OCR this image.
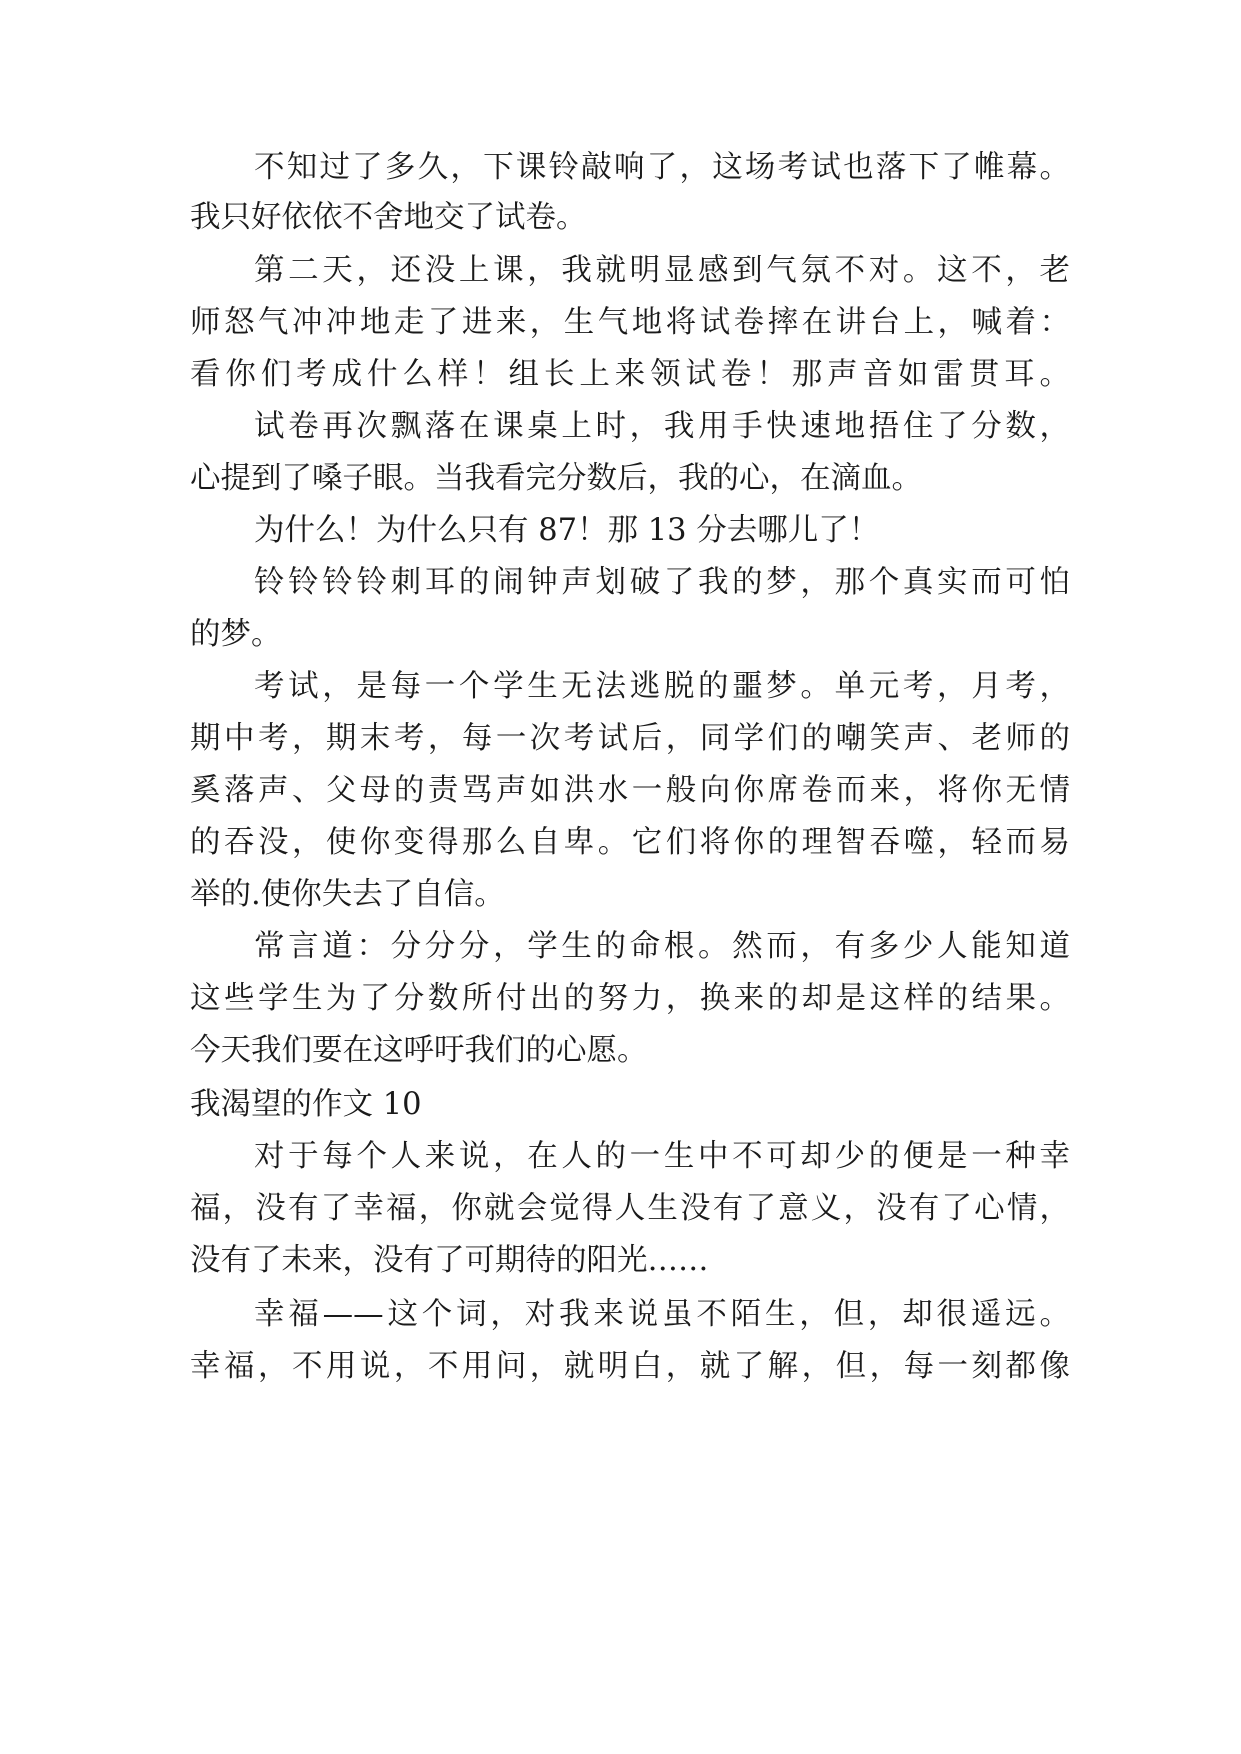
不知过了多久，下课铃敲响了，这场考试也落下了帷幕。
我只好依依不舍地交了试卷。
第二天，还没上课，我就明显感到气氛不对。这不，老
师怒气冲冲地走了进来，生气地将试卷摔在讲台上，喊着：
看你们考成什么样！组长上来领试卷！那声音如雷贯耳。
试卷再次飘落在课桌上时，我用手快速地捂住了分数，
心提到了嗓子眼。当我看完分数后，我的心，在滴血。
为什么！为什么只有 87！那 13 分去哪儿了！
铃铃铃铃刺耳的闹钟声划破了我的梦，那个真实而可怕
的梦。
考试，是每一个学生无法逃脱的噩梦。单元考，月考，
期中考，期末考，每一次考试后，同学们的嘲笑声、老师的
奚落声、父母的责骂声如洪水一般向你席卷而来，将你无情
的吞没，使你变得那么自卑。它们将你的理智吞噬，轻而易
举的.使你失去了自信。
常言道：分分分，学生的命根。然而，有多少人能知道
这些学生为了分数所付出的努力，换来的却是这样的结果。
今天我们要在这呼吁我们的心愿。
我渴望的作文 10
对于每个人来说，在人的一生中不可却少的便是一种幸
福，没有了幸福，你就会觉得人生没有了意义，没有了心情，
没有了未来，没有了可期待的阳光……
幸福——这个词，对我来说虽不陌生，但，却很遥远。
幸福，不用说，不用问，就明白，就了解，但，每一刻都像
